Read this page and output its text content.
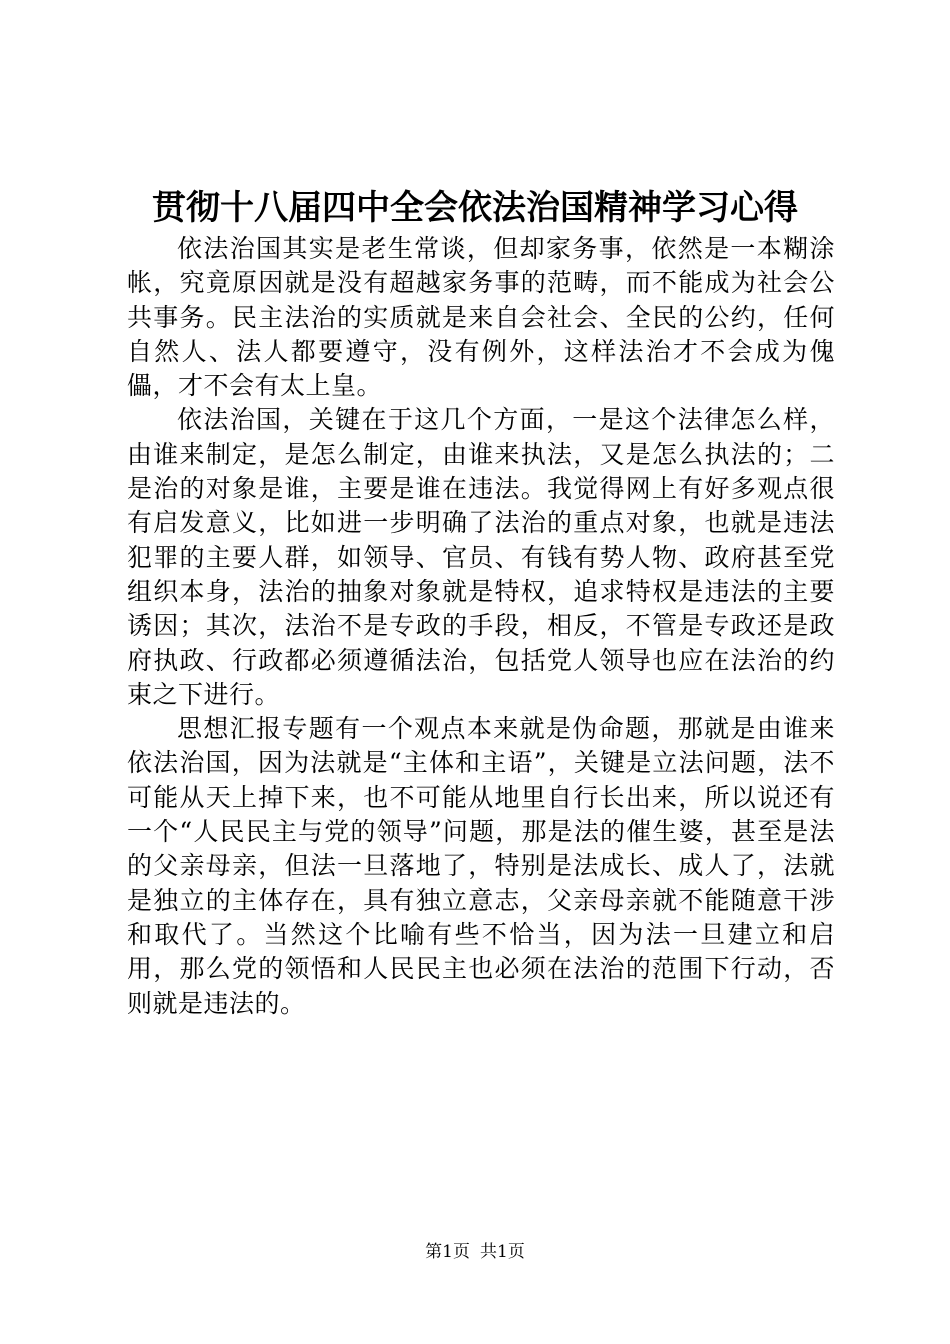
贯彻十八届四中全会依法治国精神学习心得

依法治国其实是老生常谈，但却家务事，依然是一本糊涂帐，究竟原因就是没有超越家务事的范畴，而不能成为社会公共事务。民主法治的实质就是来自会社会、全民的公约，任何自然人、法人都要遵守，没有例外，这样法治才不会成为傀儡，才不会有太上皇。

依法治国，关键在于这几个方面，一是这个法律怎么样，由谁来制定，是怎么制定，由谁来执法，又是怎么执法的；二是治的对象是谁，主要是谁在违法。我觉得网上有好多观点很有启发意义，比如进一步明确了法治的重点对象，也就是违法犯罪的主要人群，如领导、官员、有钱有势人物、政府甚至党组织本身，法治的抽象对象就是特权，追求特权是违法的主要诱因；其次，法治不是专政的手段，相反，不管是专政还是政府执政、行政都必须遵循法治，包括党人领导也应在法治的约束之下进行。

思想汇报专题有一个观点本来就是伪命题，那就是由谁来依法治国，因为法就是“主体和主语”，关键是立法问题，法不可能从天上掉下来，也不可能从地里自行长出来，所以说还有一个“人民民主与党的领导”问题，那是法的催生婆，甚至是法的父亲母亲，但法一旦落地了，特别是法成长、成人了，法就是独立的主体存在，具有独立意志，父亲母亲就不能随意干涉和取代了。当然这个比喻有些不恰当，因为法一旦建立和启用，那么党的领悟和人民民主也必须在法治的范围下行动，否则就是违法的。

第1页 共1页
